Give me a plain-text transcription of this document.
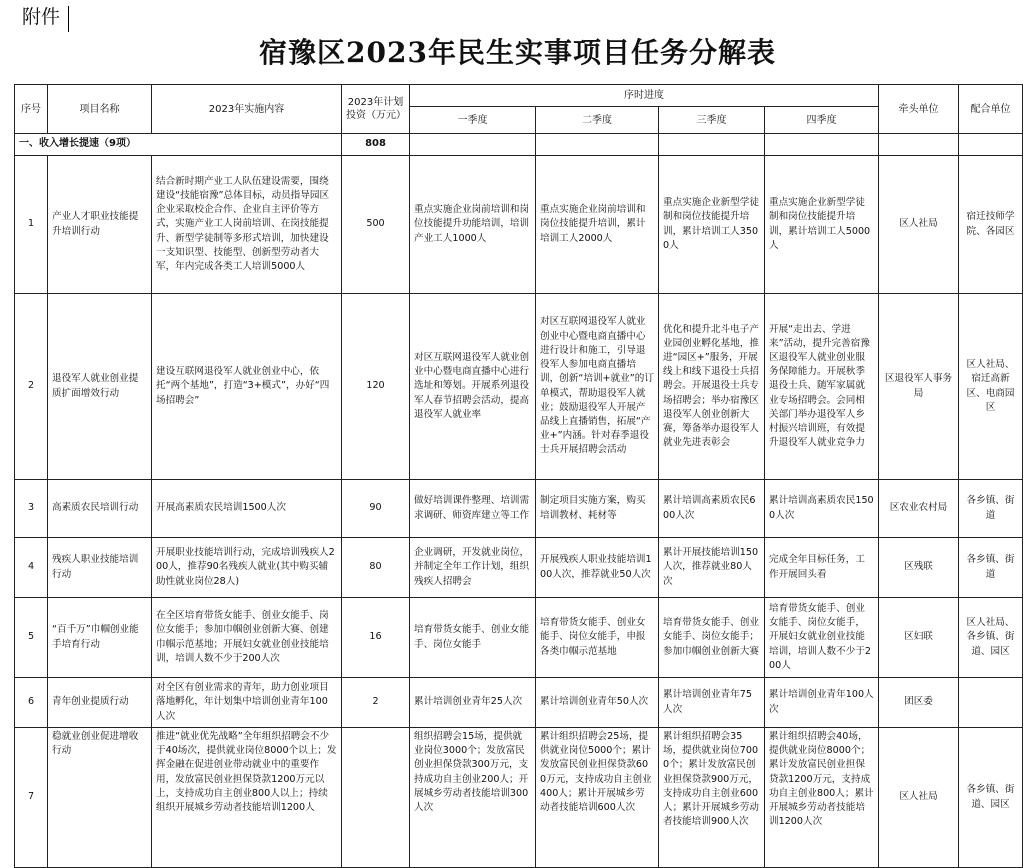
附件
宿豫区2023年民生实事项目任务分解表
序号	项目名称	2023年实施内容	2023年计划投资（万元）	序时进度				牵头单位	配合单位
				一季度	二季度	三季度	四季度		
一、收入增长提速（9项）			808						
1	产业人才职业技能提升培训行动	结合新时期产业工人队伍建设需要，围绕建设“技能宿豫”总体目标，动员指导园区企业采取校企合作、企业自主评价等方式，实施产业工人岗前培训、在岗技能提升、新型学徒制等多形式培训，加快建设一支知识型、技能型、创新型劳动者大军，年内完成各类工人培训5000人	500	重点实施企业岗前培训和岗位技能提升功能培训，培训产业工人1000人	重点实施企业岗前培训和岗位技能提升培训，累计培训工人2000人	重点实施企业新型学徒制和岗位技能提升培训，累计培训工人3500人	重点实施企业新型学徒制和岗位技能提升培训，累计培训工人5000人	区人社局	宿迁技师学院、各园区
2	退役军人就业创业提质扩面增效行动	建设互联网退役军人就业创业中心，依托“两个基地”，打造“3+模式”，办好“四场招聘会”	120	对区互联网退役军人就业创业中心暨电商直播中心进行选址和筹划。开展系列退役军人春节招聘会活动，提高退役军人就业率	对区互联网退役军人就业创业中心暨电商直播中心进行设计和施工，引导退役军人参加电商直播培训，创新“培训+就业”的订单模式，帮助退役军人就业；鼓励退役军人开展产品线上直播销售，拓展“产业+”内涵。针对春季退役士兵开展招聘会活动	优化和提升北斗电子产业园创业孵化基地，推进“园区+”服务，开展线上和线下退役士兵招聘会。开展退役士兵专场招聘会；举办宿豫区退役军人创业创新大赛，筹备举办退役军人就业先进表彰会	开展“走出去、学进来”活动，提升完善宿豫区退役军人就业创业服务保障能力。开展秋季退役士兵、随军家属就业专场招聘会。会同相关部门举办退役军人乡村振兴培训班，有效提升退役军人就业竞争力	区退役军人事务局	区人社局、宿迁高新区、电商园区
3	高素质农民培训行动	开展高素质农民培训1500人次	90	做好培训课件整理、培训需求调研、师资库建立等工作	制定项目实施方案，购买培训教材、耗材等	累计培训高素质农民600人次	累计培训高素质农民1500人次	区农业农村局	各乡镇、街道
4	残疾人职业技能培训行动	开展职业技能培训行动，完成培训残疾人200人，推荐90名残疾人就业(其中购买辅助性就业岗位28人)	80	企业调研，开发就业岗位，并制定全年工作计划，组织残疾人招聘会	开展残疾人职业技能培训100人次，推荐就业50人次	累计开展技能培训150人次，推荐就业80人次	完成全年目标任务，工作开展回头看	区残联	各乡镇、街道
5	“百千万”巾帼创业能手培育行动	在全区培育带货女能手、创业女能手、岗位女能手；参加巾帼创业创新大赛、创建巾帼示范基地；开展妇女就业创业技能培训，培训人数不少于200人次	16	培育带货女能手、创业女能手、岗位女能手	培育带货女能手、创业女能手、岗位女能手，申报各类巾帼示范基地	培育带货女能手、创业女能手、岗位女能手；参加巾帼创业创新大赛	培育带货女能手、创业女能手、岗位女能手，开展妇女就业创业技能培训，培训人数不少于200人	区妇联	区人社局、各乡镇、街道、园区
6	青年创业提质行动	对全区有创业需求的青年，助力创业项目落地孵化，年计划集中培训创业青年100人次	2	累计培训创业青年25人次	累计培训创业青年50人次	累计培训创业青年75人次	累计培训创业青年100人次	团区委	
7	稳就业创业促进增收行动	推进“就业优先战略”全年组织招聘会不少于40场次，提供就业岗位8000个以上；发挥金融在促进创业带动就业中的重要作用，发放富民创业担保贷款1200万元以上，支持成功自主创业800人以上；持续组织开展城乡劳动者技能培训1200人		组织招聘会15场，提供就业岗位3000个；发放富民创业担保贷款300万元，支持成功自主创业200人；开展城乡劳动者技能培训300人次	累计组织招聘会25场，提供就业岗位5000个；累计发放富民创业担保贷款600万元，支持成功自主创业400人；累计开展城乡劳动者技能培训600人次	累计组织招聘会35场，提供就业岗位7000个；累计发放富民创业担保贷款900万元，支持成功自主创业600人；累计开展城乡劳动者技能培训900人次	累计组织招聘会40场，提供就业岗位8000个；累计发放富民创业担保贷款1200万元，支持成功自主创业800人；累计开展城乡劳动者技能培训1200人次	区人社局	各乡镇、街道、园区
